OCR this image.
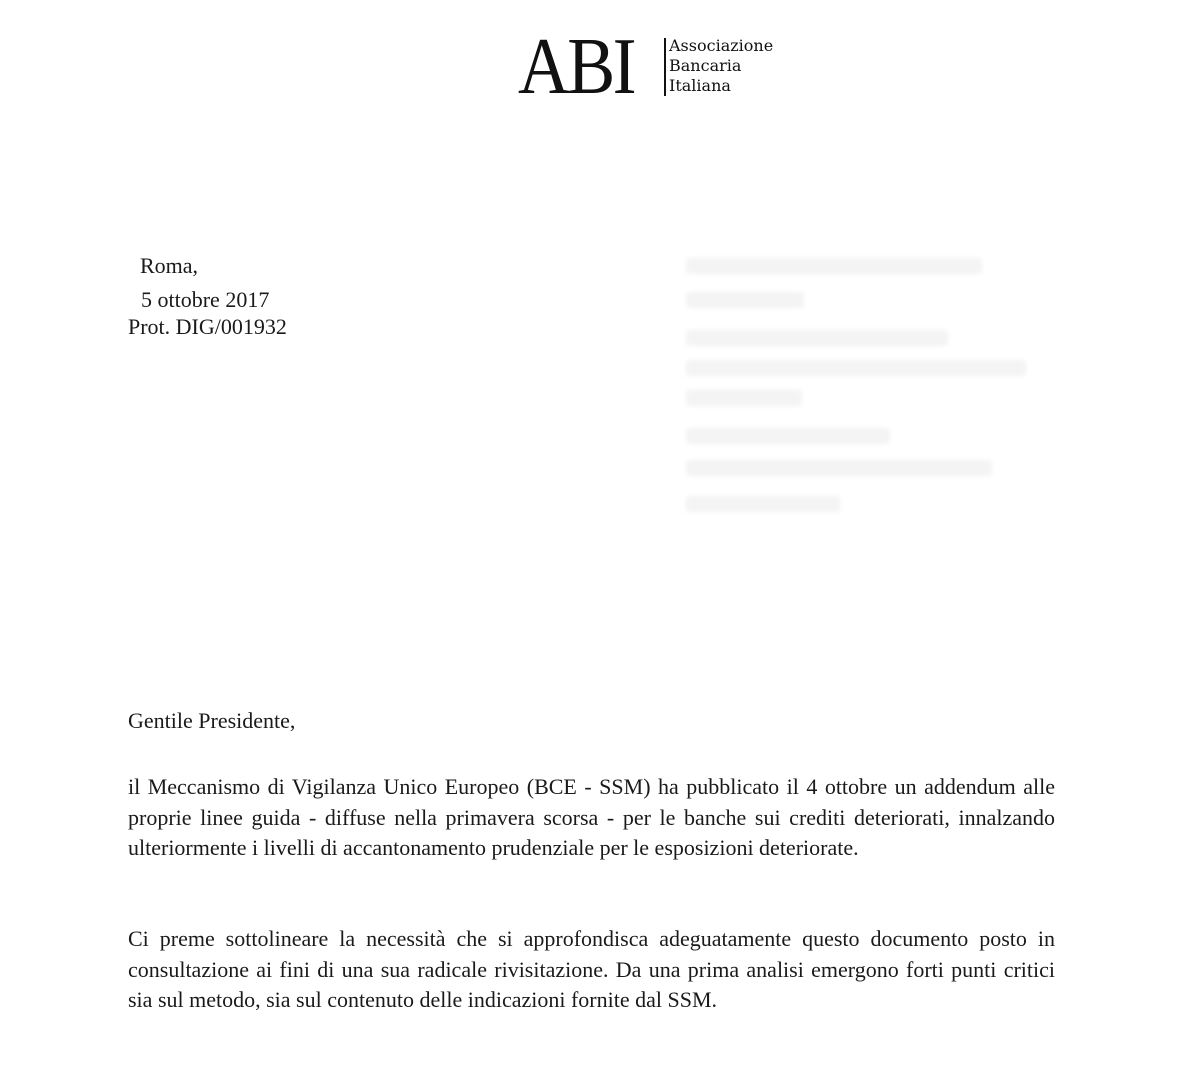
ABI Associazione
Bancaria
Italiana
Roma,
5 ottobre 2017
Prot. DIG/001932
Gentile Presidente,

il Meccanismo di Vigilanza Unico Europeo (BCE - SSM) ha pubblicato il 4 ottobre un addendum alle proprie linee guida - diffuse nella primavera scorsa - per le banche sui crediti deteriorati, innalzando ulteriormente i livelli di accantonamento prudenziale per le esposizioni deteriorate.

Ci preme sottolineare la necessità che si approfondisca adeguatamente questo documento posto in consultazione ai fini di una sua radicale rivisitazione. Da una prima analisi emergono forti punti critici sia sul metodo, sia sul contenuto delle indicazioni fornite dal SSM.
